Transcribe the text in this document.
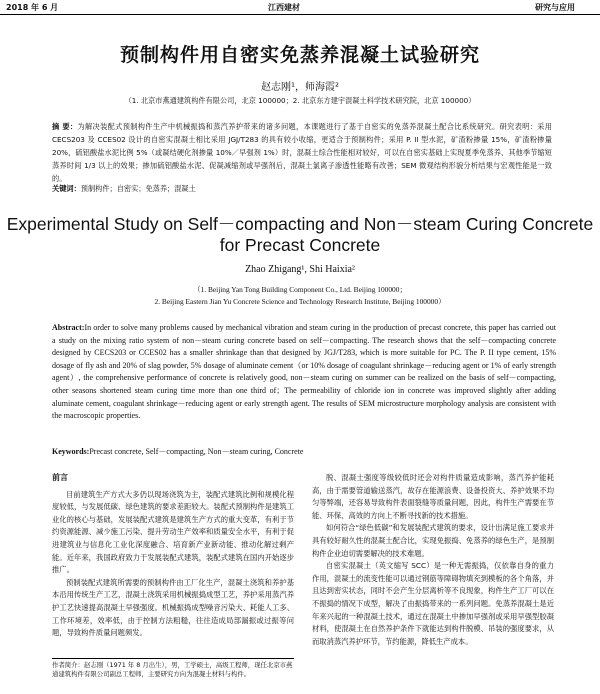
2018 年 6 月	江西建材	研究与应用
预制构件用自密实免蒸养混凝土试验研究
赵志刚¹，师海霞²
（1. 北京市燕通建筑构件有限公司，北京 100000；2. 北京东方建宇混凝土科学技术研究院，北京 100000）
摘 要：为解决装配式预制构件生产中机械振捣和蒸汽养护带来的诸多问题，本课题进行了基于自密实的免蒸养混凝土配合比系统研究。研究表明：采用 CECS203 及 CCES02 设计的自密实混凝土相比采用 JGJ/T283 的具有较小收缩，更适合于预制构件；采用 P. II 型水泥，矿渣粉掺量 15%，矿渣粉掺量 20%，硫铝酸盐水泥比例 5%（或凝结硬化剂掺量 10%／早强剂 1%）时，混凝土综合性能相对较好，可以在自密实基础上实现夏季免蒸养、其他季节缩短蒸养时间 1/3 以上的效果；掺加硫铝酸盐水泥、促凝减缩剂或早强剂后，混凝土氯离子渗透性能略有改善；SEM 微观结构形貌分析结果与宏观性能是一致的。
关键词：预制构件；自密实；免蒸养；混凝土
Experimental Study on Self－compacting and Non－steam Curing Concrete for Precast Concrete
Zhao Zhigang¹, Shi Haixia²
（1. Beijing Yan Tong Building Component Co., Ltd. Beijing 100000；
2. Beijing Eastern Jian Yu Concrete Science and Technology Research Institute, Beijing 100000）
Abstract:In order to solve many problems caused by mechanical vibration and steam curing in the production of precast concrete, this paper has carried out a study on the mixing ratio system of non－steam curing concrete based on self－compacting. The research shows that the self－compacting concrete designed by CECS203 or CCES02 has a smaller shrinkage than that designed by JGJ/T283, which is more suitable for PC. The P. II type cement, 15% dosage of fly ash and 20% of slag powder, 5% dosage of aluminate cement（or 10% dosage of coagulant shrinkage－reducing agent or 1% of early strength agent）, the comprehensive performance of concrete is relatively good, non－steam curing on summer can be realized on the basis of self－compacting, other seasons shortened steam curing time more than one third of；The permeability of chloride ion in concrete was improved slightly after adding aluminate cement, coagulant shrinkage－reducing agent or early strength agent. The results of SEM microstructure morphology analysis are consistent with the macroscopic properties.
Keywords:Precast concrete, Self－compacting, Non－steam curing, Concrete
前言

目前建筑生产方式大多仍以现场浇筑为主，装配式建筑比例和规模化程度较低，与发展低碳、绿色建筑的要求差距较大。装配式预制构件是建筑工业化的核心与基础，发展装配式建筑是建筑生产方式的重大变革，有利于节约资源能源、减少施工污染、提升劳动生产效率和质量安全水平，有利于促进建筑业与信息化工业化深度融合、培育新产业新动能、推动化解过剩产能。近年来，我国政府致力于发展装配式建筑，装配式建筑在国内开始逐步推广。

预制装配式建筑所需要的预制构件由工厂化生产，混凝土浇筑和养护基本沿用传统生产工艺，混凝土浇筑采用机械振捣成型工艺，养护采用蒸汽养护工艺快速提高混凝土早强强度。机械振捣成型噪音污染大、耗能人工多、工作环境差，效率低，由于控制方法粗糙，往往造成局部漏振或过振等问题，导致构件质量问题频发。

脱、混凝土强度等级较低时还会对构件质量造成影响，蒸汽养护能耗高，由于需要管道输送蒸汽，故存在能源浪费、设备投资大、养护效果不均匀等弊端，还容易导致构件表面裂缝等质量问题，因此，构件生产需要在节能、环保、高效的方向上不断寻找新的技术措施。

如何符合“绿色低碳”和发展装配式建筑的要求，设计出满足施工要求并具有较好耐久性的混凝土配合比，实现免振捣、免蒸养的绿色生产，是预制构件企业迫切需要解决的技术难题。

自密实混凝土（英文缩写 SCC）是一种无需振捣，仅依靠自身的重力作用，混凝土的流变性能可以通过钢筋等障碍物填充到模板的各个角落，并且达到密实状态，同时不会产生分层离析等不良现象，构件生产工厂可以在不振捣的情况下成型，解决了由振捣带来的一系列问题。免蒸养混凝土是近年来兴起的一种混凝土技术，通过在混凝土中掺加早强剂或采用早强型胶凝材料，使混凝土在自然养护条件下就能达到构件脱模、吊装的强度要求，从而取消蒸汽养护环节，节约能源，降低生产成本。

作者简介：赵志刚（1971 年 8 月出生），男，工学硕士，高级工程师，现任北京市燕通建筑构件有限公司副总工程师，主要研究方向为混凝土材料与构件。
